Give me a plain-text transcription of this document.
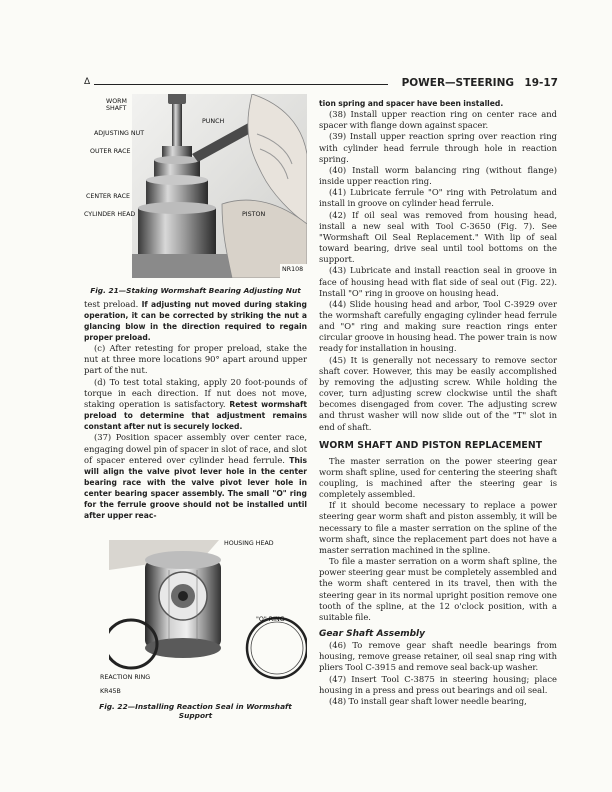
Δ	POWER—STEERING 19-17
WORM
SHAFT
PUNCH
ADJUSTING NUT
OUTER RACE
CENTER RACE
CYLINDER HEAD	PISTON
NR108
Fig. 21—Staking Wormshaft Bearing Adjusting Nut

test preload. If adjusting nut moved during staking operation, it can be corrected by striking the nut a glancing blow in the direction required to regain proper preload.

(c) After retesting for proper preload, stake the nut at three more locations 90° apart around upper part of the nut.

(d) To test total staking, apply 20 foot-pounds of torque in each direction. If nut does not move, staking operation is satisfactory. Retest wormshaft preload to determine that adjustment remains constant after nut is securely locked.

(37) Position spacer assembly over center race, engaging dowel pin of spacer in slot of race, and slot of spacer entered over cylinder head ferrule. This will align the valve pivot lever hole in the center bearing race with the valve pivot lever hole in center bearing spacer assembly. The small "O" ring for the ferrule groove should not be installed until after upper reac-

HOUSING HEAD
"O" RING
REACTION RING
KR45B
Fig. 22—Installing Reaction Seal in Wormshaft
Support

tion spring and spacer have been installed.

(38) Install upper reaction ring on center race and spacer with flange down against spacer.

(39) Install upper reaction spring over reaction ring with cylinder head ferrule through hole in reaction spring.

(40) Install worm balancing ring (without flange) inside upper reaction ring.

(41) Lubricate ferrule "O" ring with Petrolatum and install in groove on cylinder head ferrule.

(42) If oil seal was removed from housing head, install a new seal with Tool C-3650 (Fig. 7). See "Wormshaft Oil Seal Replacement." With lip of seal toward bearing, drive seal until tool bottoms on the support.

(43) Lubricate and install reaction seal in groove in face of housing head with flat side of seal out (Fig. 22). Install "O" ring in groove on housing head.

(44) Slide housing head and arbor, Tool C-3929 over the wormshaft carefully engaging cylinder head ferrule and "O" ring and making sure reaction rings enter circular groove in housing head. The power train is now ready for installation in housing.

(45) It is generally not necessary to remove sector shaft cover. However, this may be easily accomplished by removing the adjusting screw. While holding the cover, turn adjusting screw clockwise until the shaft becomes disengaged from cover. The adjusting screw and thrust washer will now slide out of the "T" slot in end of shaft.

WORM SHAFT AND PISTON REPLACEMENT

The master serration on the power steering gear worm shaft spline, used for centering the steering shaft coupling, is machined after the steering gear is completely assembled.

If it should become necessary to replace a power steering gear worm shaft and piston assembly, it will be necessary to file a master serration on the spline of the worm shaft, since the replacement part does not have a master serration machined in the spline.

To file a master serration on a worm shaft spline, the power steering gear must be completely assembled and the worm shaft centered in its travel, then with the steering gear in its normal upright position remove one tooth of the spline, at the 12 o'clock position, with a suitable file.

Gear Shaft Assembly

(46) To remove gear shaft needle bearings from housing, remove grease retainer, oil seal snap ring with pliers Tool C-3915 and remove seal back-up washer.

(47) Insert Tool C-3875 in steering housing; place housing in a press and press out bearings and oil seal.

(48) To install gear shaft lower needle bearing,
